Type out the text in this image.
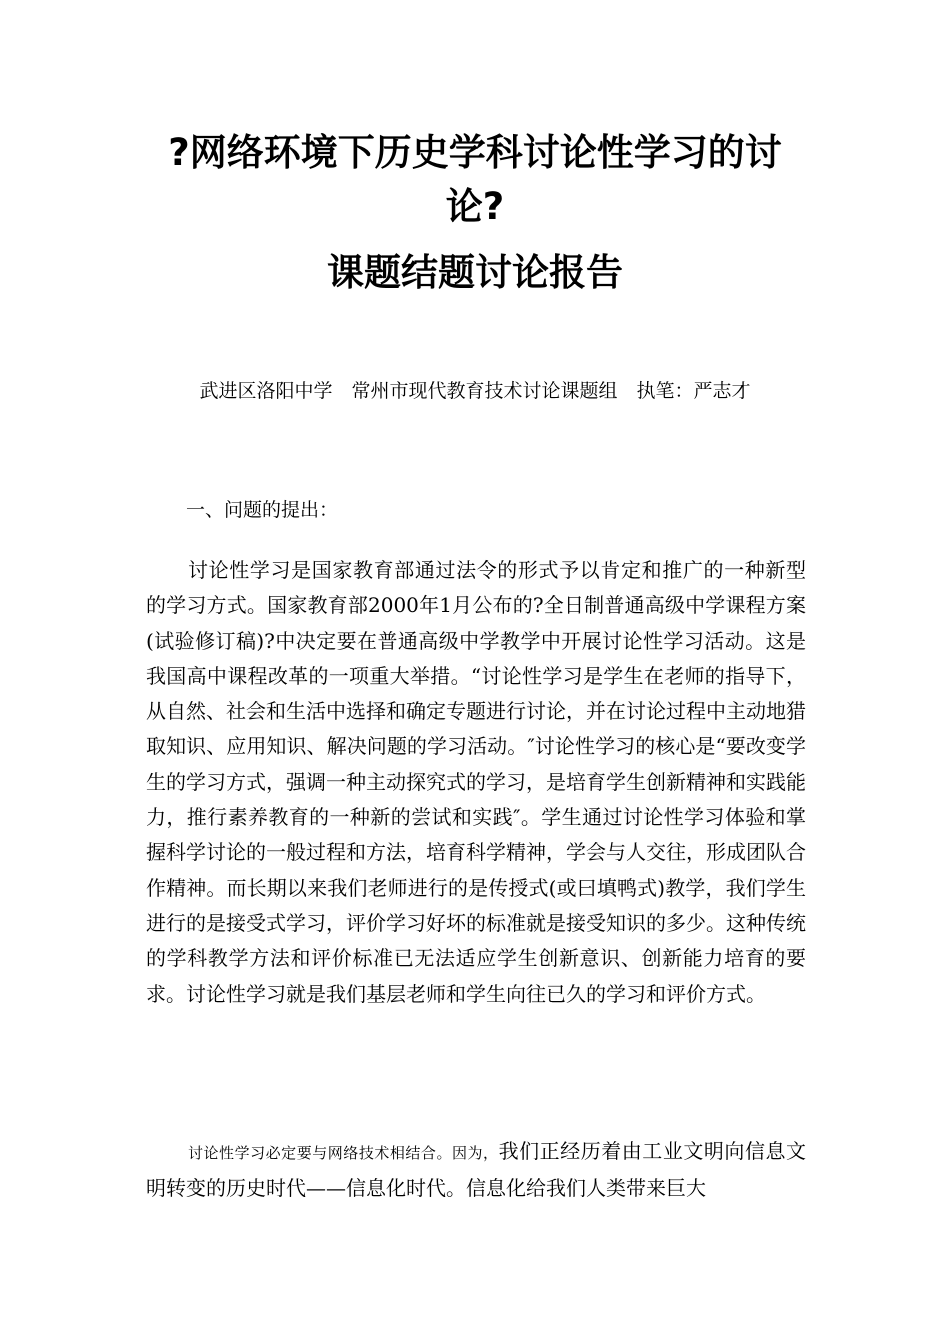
?网络环境下历史学科讨论性学习的讨论?
课题结题讨论报告

武进区洛阳中学　常州市现代教育技术讨论课题组　执笔：严志才

一、问题的提出：

讨论性学习是国家教育部通过法令的形式予以肯定和推广的一种新型的学习方式。国家教育部2000年1月公布的?全日制普通高级中学课程方案(试验修订稿)?中决定要在普通高级中学教学中开展讨论性学习活动。这是我国高中课程改革的一项重大举措。“讨论性学习是学生在老师的指导下，从自然、社会和生活中选择和确定专题进行讨论，并在讨论过程中主动地猎取知识、应用知识、解决问题的学习活动。″讨论性学习的核心是“要改变学生的学习方式，强调一种主动探究式的学习，是培育学生创新精神和实践能力，推行素养教育的一种新的尝试和实践″。学生通过讨论性学习体验和掌握科学讨论的一般过程和方法，培育科学精神，学会与人交往，形成团队合作精神。而长期以来我们老师进行的是传授式(或曰填鸭式)教学，我们学生进行的是接受式学习，评价学习好坏的标准就是接受知识的多少。这种传统的学科教学方法和评价标准已无法适应学生创新意识、创新能力培育的要求。讨论性学习就是我们基层老师和学生向往已久的学习和评价方式。

讨论性学习必定要与网络技术相结合。因为，我们正经历着由工业文明向信息文明转变的历史时代——信息化时代。信息化给我们人类带来巨大
